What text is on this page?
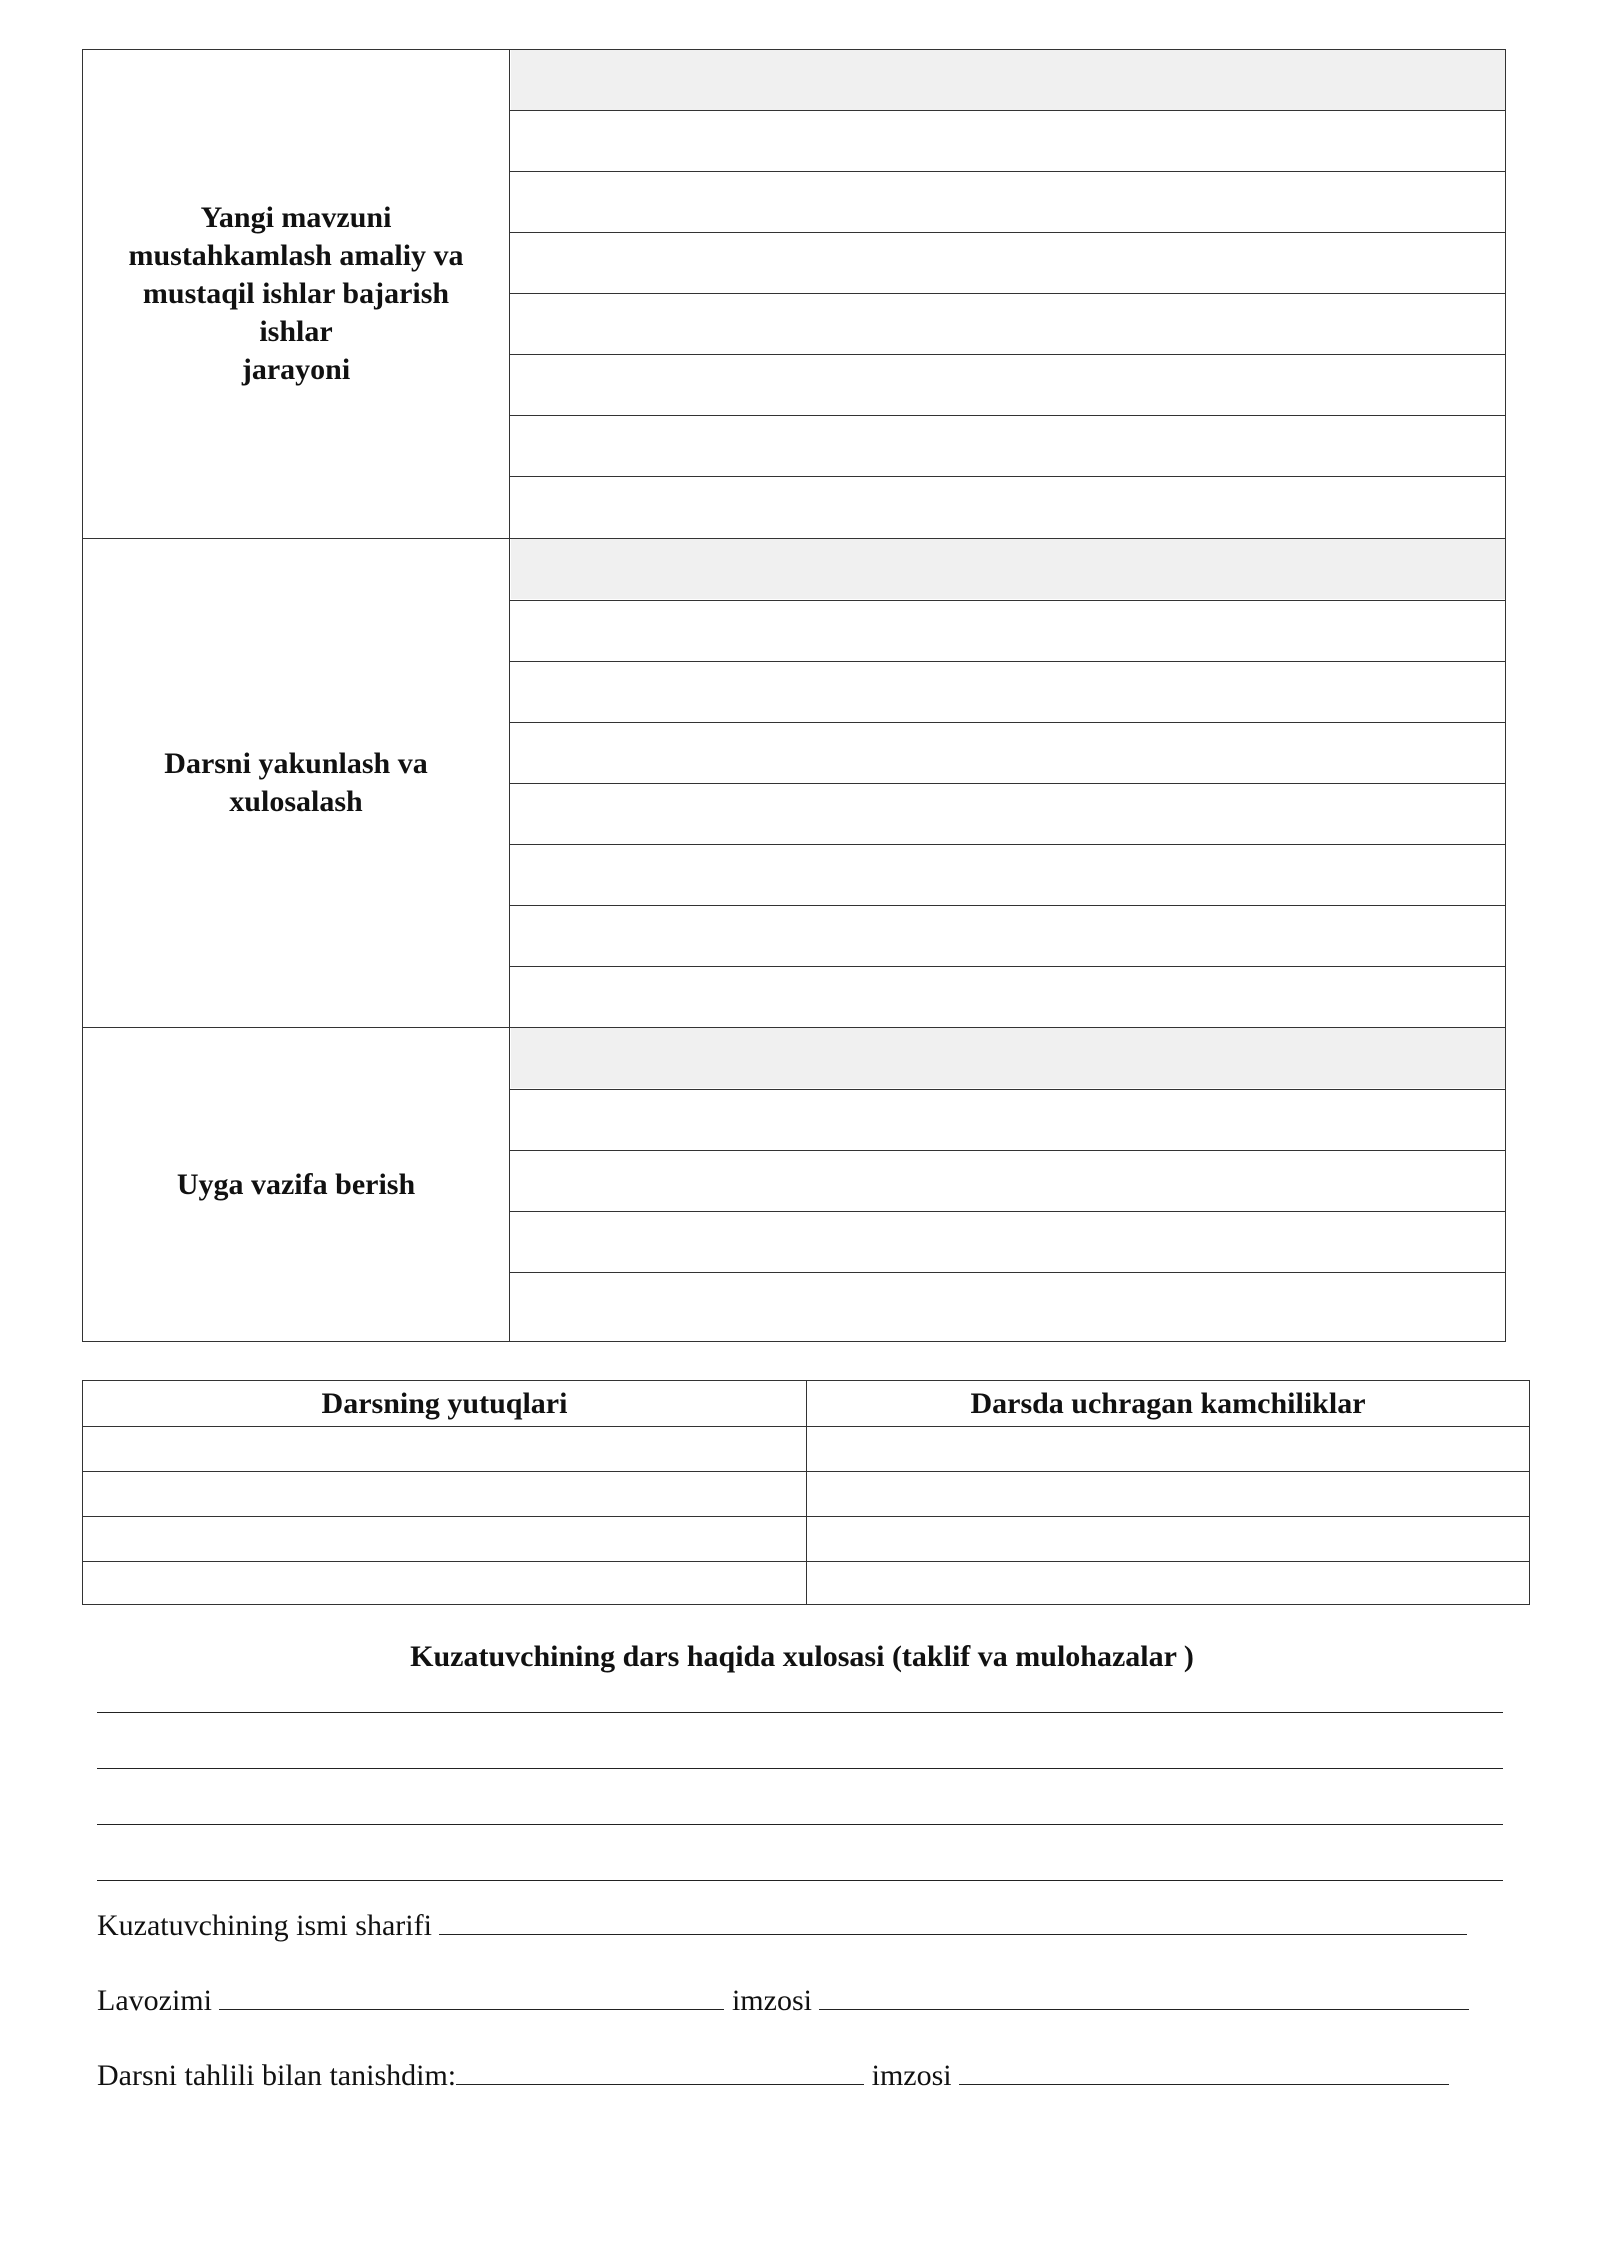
Yangi mavzuni
mustahkamlash amaliy va
mustaqil ishlar bajarish
ishlar
jarayoni
Darsni yakunlash va
xulosalash
Uyga vazifa berish
Darsning yutuqlari	Darsda uchragan kamchiliklar
Kuzatuvchining dars haqida xulosasi (taklif va mulohazalar )
Kuzatuvchining ismi sharifi
Lavozimi	imzosi
Darsni tahlili bilan tanishdim:	imzosi
